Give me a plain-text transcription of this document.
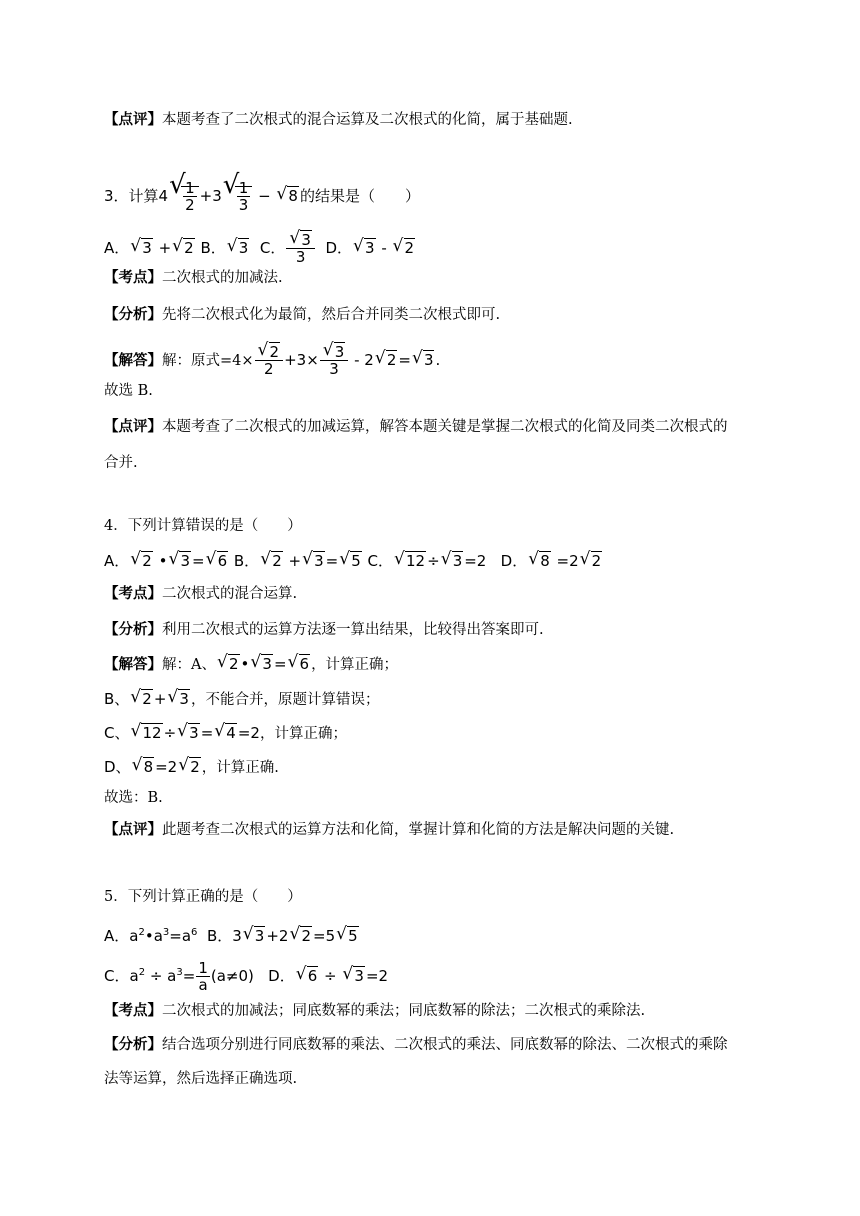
【点评】本题考查了二次根式的混合运算及二次根式的化简，属于基础题.
3．计算4
√ $\frac{1}{2} +3$
√ $\frac{1}{3}$ − √ 8 的结果是（　　）
A．√ 3 +√ 2 B．√ 3 C．
√ $\frac{3}{3}$ D．√ 3 - √ 2
【考点】二次根式的加减法.
【分析】先将二次根式化为最简，然后合并同类二次根式即可.
【解答】解：原式=4×
√ $\frac{2}{2} +3\times$
√ $\frac{3}{3} - 2√$ 2 =√ 3 .
故选 B.
【点评】本题考查了二次根式的加减运算，解答本题关键是掌握二次根式的化简及同类二次根式的
合并.
4．下列计算错误的是（　　）
A．√ 2 •√ 3 =√ 6 B．√ 2 +√ 3 =√ 5 C．√ 12 ÷√ 3 =2   D．√ 8 =2√ 2
【考点】二次根式的混合运算.
【分析】利用二次根式的运算方法逐一算出结果，比较得出答案即可.
【解答】解：A、√ 2 •√ 3 =√ 6 ，计算正确；
B、√ 2 +√ 3 ，不能合并，原题计算错误；
C、√ 12 ÷√ 3 =√ 4 =2，计算正确；
D、√ 8 =2√ 2 ，计算正确.
故选：B.
【点评】此题考查二次根式的运算方法和化简，掌握计算和化简的方法是解决问题的关键.
5．下列计算正确的是（　　）
A．$a^2•a^3=a^6$ B．3√ 3 +2√ 2 =5√ 5
C．$a^2 \div a^3= \frac{1}{a} (a\ne 0)$   D．√ 6 ÷ √ 3 =2
【考点】二次根式的加减法；同底数幂的乘法；同底数幂的除法；二次根式的乘除法.
【分析】结合选项分别进行同底数幂的乘法、二次根式的乘法、同底数幂的除法、二次根式的乘除
法等运算，然后选择正确选项.
